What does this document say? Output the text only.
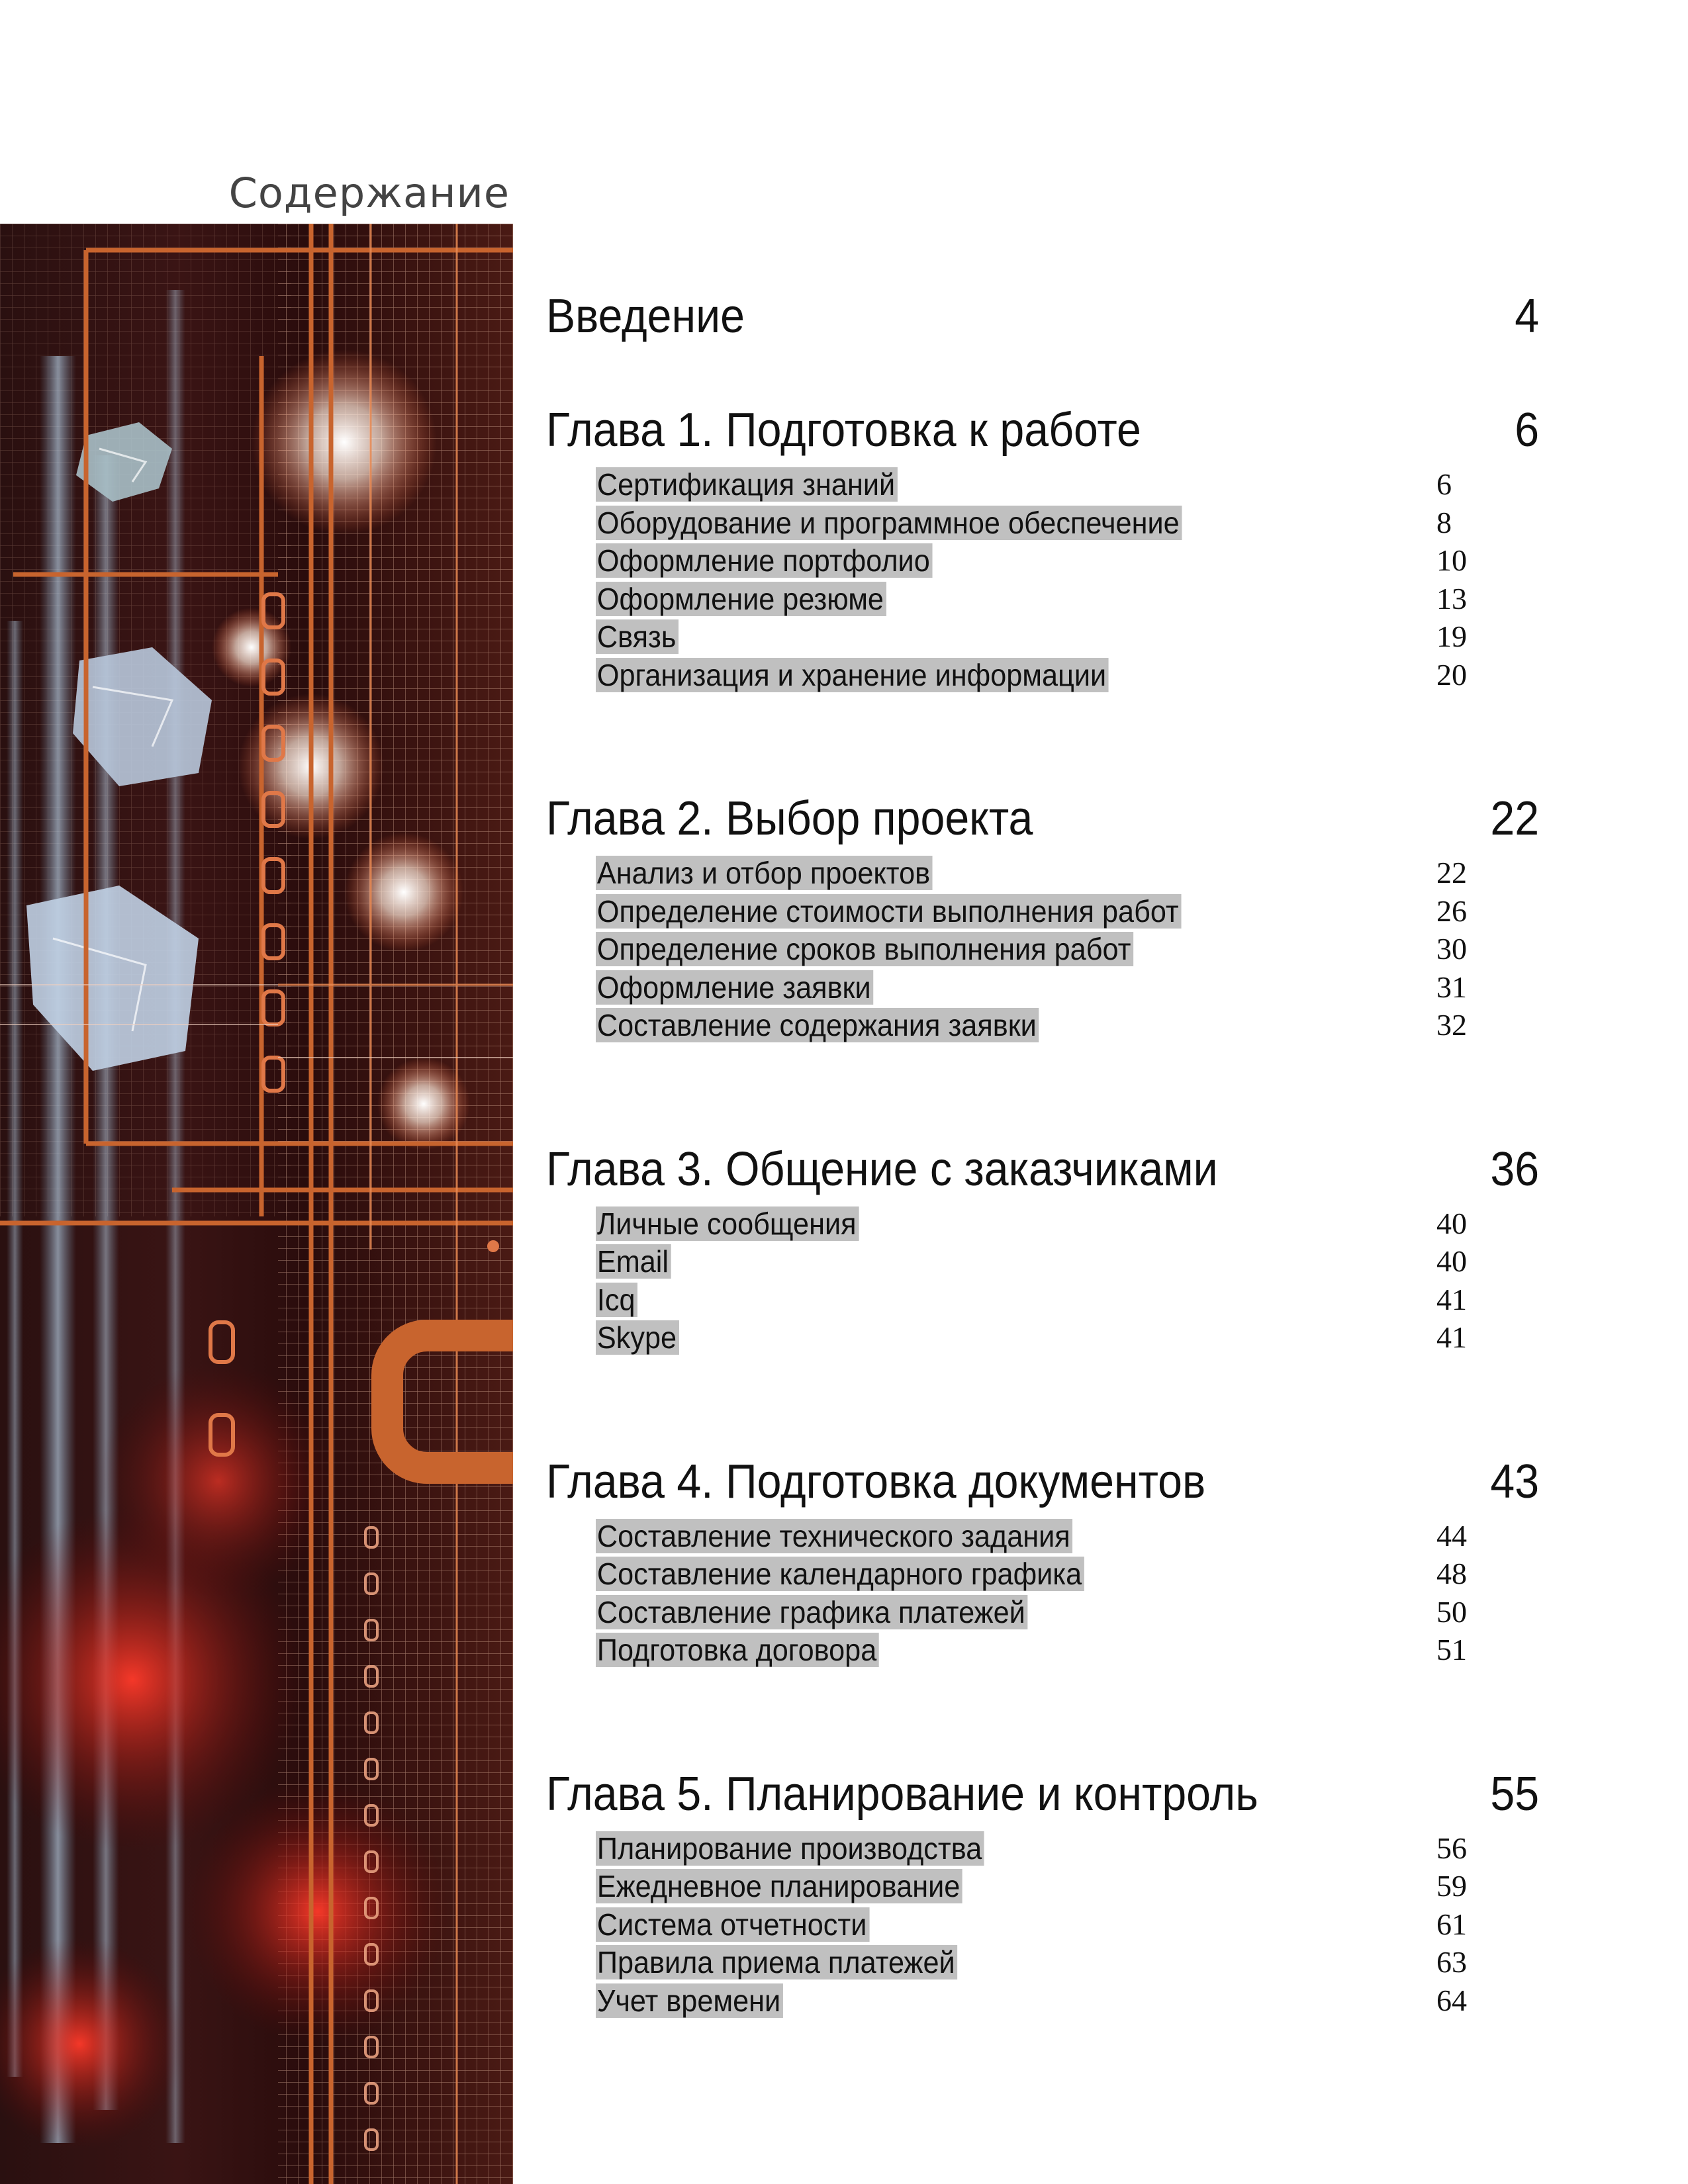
Содержание
Введение	4
Глава 1. Подготовка к работе	6
Сертификация знаний	6
Оборудование и программное обеспечение	8
Оформление портфолио	10
Оформление резюме	13
Связь	19
Организация и хранение информации	20
Глава 2. Выбор проекта	22
Анализ и отбор проектов	22
Определение стоимости выполнения работ	26
Определение сроков выполнения работ	30
Оформление заявки	31
Составление содержания заявки	32
Глава 3. Общение с заказчиками	36
Личные сообщения	40
Email	40
Icq	41
Skype	41
Глава 4. Подготовка документов	43
Составление технического задания	44
Составление календарного графика	48
Составление графика платежей	50
Подготовка договора	51
Глава 5. Планирование и контроль	55
Планирование производства	56
Ежедневное планирование	59
Система отчетности	61
Правила приема платежей	63
Учет времени	64
